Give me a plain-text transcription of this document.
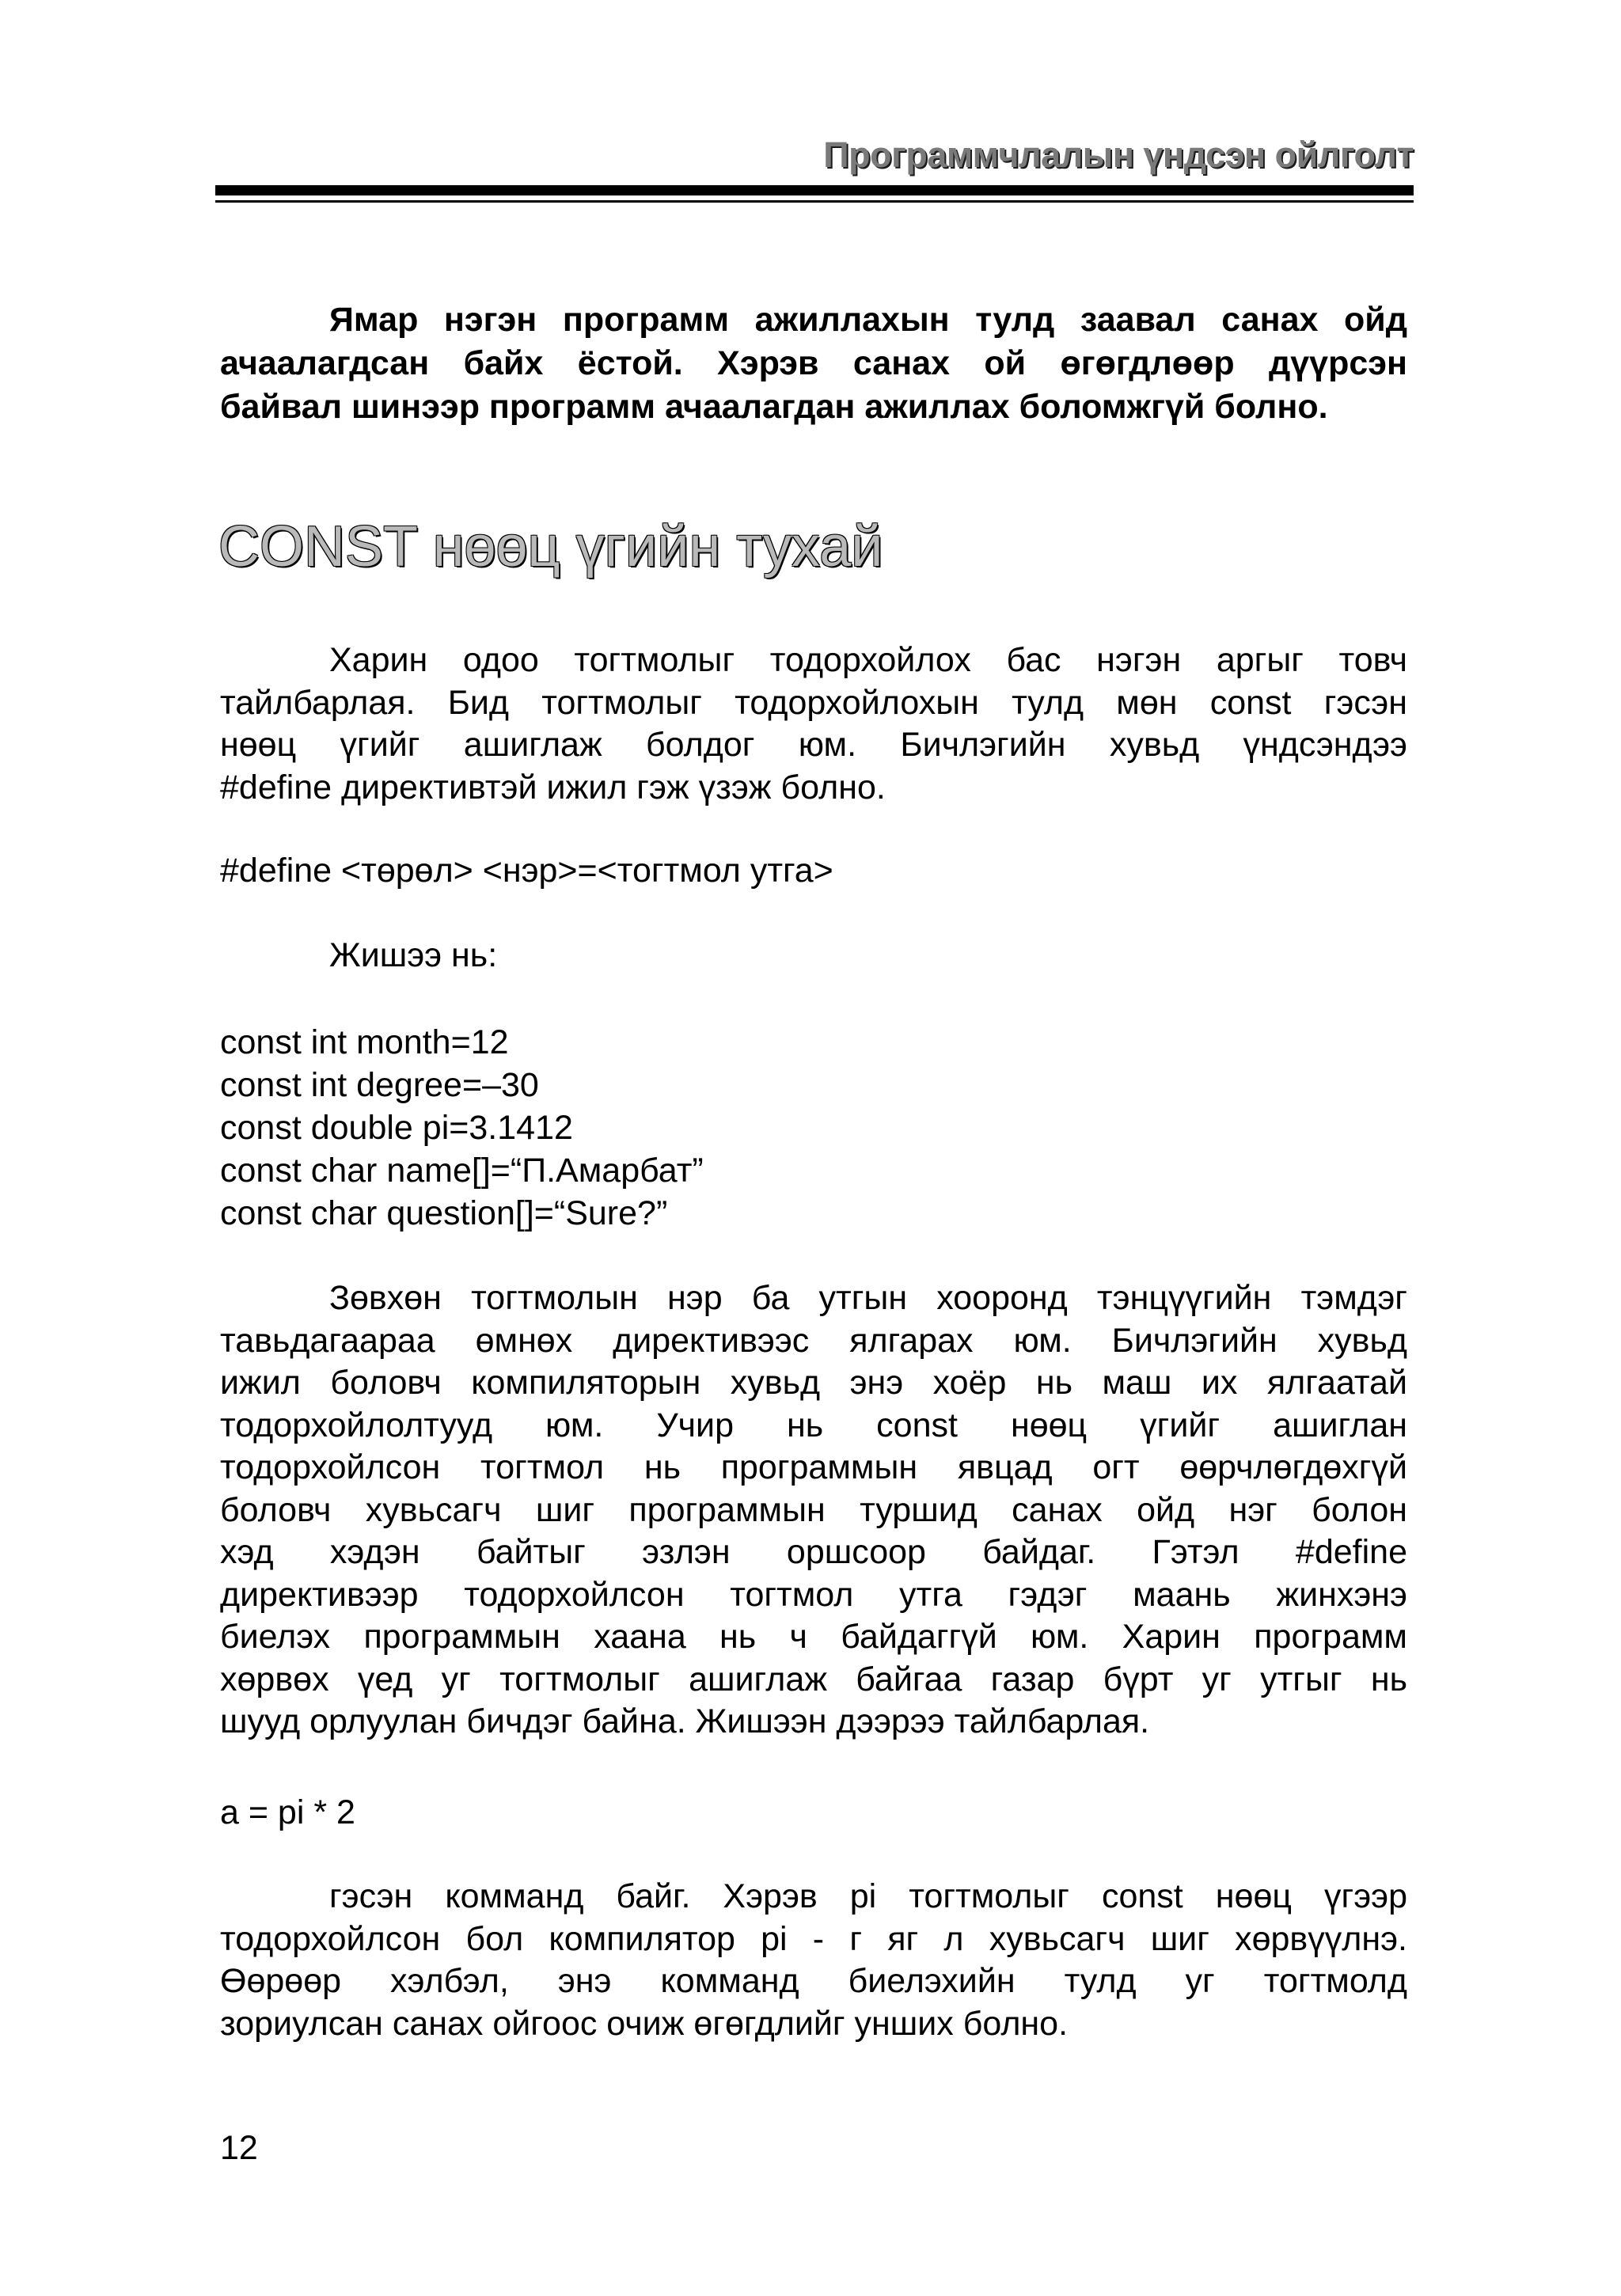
Программчлалын үндсэн ойлголт
Ямар нэгэн программ ажиллахын тулд заавал санах ойд
ачаалагдсан байх ёстой. Хэрэв санах ой өгөгдлөөр дүүрсэн
байвал шинээр программ ачаалагдан ажиллах боломжгүй болно.
CONST нөөц үгийн тухай
Харин одоо тогтмолыг тодорхойлох бас нэгэн аргыг товч
тайлбарлая. Бид тогтмолыг тодорхойлохын тулд мөн const гэсэн
нөөц үгийг ашиглаж болдог юм. Бичлэгийн хувьд үндсэндээ
#define директивтэй ижил гэж үзэж болно.
#define <төрөл> <нэр>=<тогтмол утга>
Жишээ нь:
const int month=12
const int degree=–30
const double pi=3.1412
const char name[]=“П.Амарбат”
const char question[]=“Sure?”
Зөвхөн тогтмолын нэр ба утгын хооронд тэнцүүгийн тэмдэг
тавьдагаараа өмнөх директивээс ялгарах юм. Бичлэгийн хувьд
ижил боловч компиляторын хувьд энэ хоёр нь маш их ялгаатай
тодорхойлолтууд юм. Учир нь const нөөц үгийг ашиглан
тодорхойлсон тогтмол нь программын явцад огт өөрчлөгдөхгүй
боловч хувьсагч шиг программын туршид санах ойд нэг болон
хэд хэдэн байтыг эзлэн оршсоор байдаг. Гэтэл #define
директивээр тодорхойлсон тогтмол утга гэдэг маань жинхэнэ
биелэх программын хаана нь ч байдаггүй юм. Харин программ
хөрвөх үед уг тогтмолыг ашиглаж байгаа газар бүрт уг утгыг нь
шууд орлуулан бичдэг байна. Жишээн дээрээ тайлбарлая.
a = pi * 2
гэсэн комманд байг. Хэрэв pi тогтмолыг const нөөц үгээр
тодорхойлсон бол компилятор pi - г яг л хувьсагч шиг хөрвүүлнэ.
Өөрөөр хэлбэл, энэ комманд биелэхийн тулд уг тогтмолд
зориулсан санах ойгоос очиж өгөгдлийг унших болно.
12
